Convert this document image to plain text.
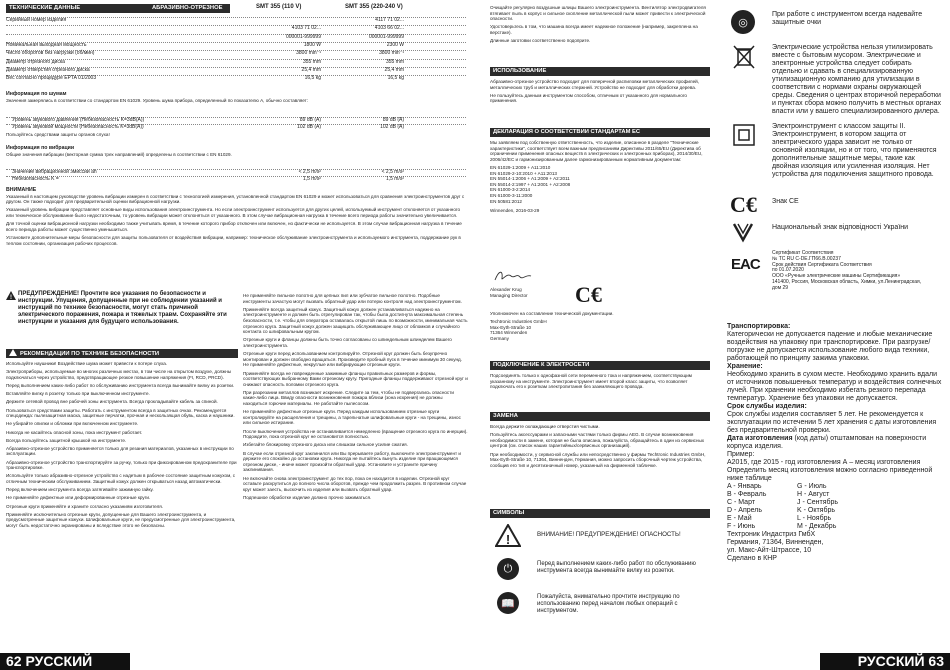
ТЕХНИЧЕСКИЕ ДАННЫЕ	АБРАЗИВНО-ОТРЕЗНОЕ	SMT 355 (110 V)	SMT 355 (220-240 V)
Серийный номер изделия	4117 71 02...
4103 71 02...	4103 66 02...
000001-999999	000001-999999
Номинальная выходная мощность	1800 W	2300 W
Число оборотов без нагрузки (об/мин)	3800 min⁻¹	3800 min⁻¹
Диаметр отрезного диска	355 mm	355 mm
Диаметр отверстия отрезного диска	25,4 mm	25,4 mm
Вес согласно процедуре EPTA 01/2003	16,5 kg	16,5 kg
Информация по шумам
Значения замерялись в соответствии со стандартом EN 61029. Уровень шума прибора, определенный по показателю A, обычно составляет:
Уровень звукового давления (Небезопасность K=3dB(A))	89 dB (A)	89 dB (A)
Уровень звуковой мощности (Небезопасность K=3dB(A))	102 dB (A)	102 dB (A)
Пользуйтесь средствами защиты органов слуха!
Информация по вибрации
Общие значения вибрации (векторная сумма трех направлений) определены в соответствии с EN 61029.
Значение вибрационной эмиссии ah	< 2,5 m/s²	< 2,5 m/s²
Небезопасность K =	1,5 m/s²	1,5 m/s²
ВНИМАНИЕ

Указанный в настоящем руководстве уровень вибрации измерен в соответствии с технологией измерения, установленной стандартом EN 61029 и может использоваться для сравнения электроинструментов друг с другом. Он также подходит для предварительной оценки вибрационной нагрузки.

Указанный уровень вибрации представляет основные виды использования электроинструмента. Но если электроинструмент используется для других целей, используемый инструмент отклоняется от указанного или техническое обслуживание было недостаточным, то уровень вибрации может отклоняться от указанного. В этом случае вибрационная нагрузка в течение всего периода работы значительно увеличивается.

Для точной оценки вибрационной нагрузки необходимо также учитывать время, в течение которого прибор отключен или включен, но фактически не используется. В этом случае вибрационная нагрузка в течение всего периода работы может существенно уменьшиться.

Установите дополнительные меры безопасности для защиты пользователя от воздействия вибрации, например: техническое обслуживание электроинструмента и используемого инструмента, поддержание рук в теплом состоянии, организация рабочих процессов.

!
ПРЕДУПРЕЖДЕНИЕ! Прочтите все указания по безопасности и инструкции. Упущения, допущенные при не соблюдении указаний и инструкций по технике безопасности, могут стать причиной электрического поражения, пожара и тяжелых травм. Сохраняйте эти инструкции и указания для будущего использования.
РЕКОМЕНДАЦИИ ПО ТЕХНИКЕ БЕЗОПАСНОСТИ

Используйте наушники! Воздействие шума может привести к потере слуха.

Электроприборы, используемые во многих различных местах, в том числе на открытом воздухе, должны подключаться через устройство, предотвращающее резкое повышение напряжения (FI, RCD, PRCD).

Перед выполнением каких-либо работ по обслуживанию инструмента всегда вынимайте вилку из розетки.

Вставляйте вилку в розетку только при выключенном инструменте.

Держите сетевой провод вне рабочей зоны инструмента. Всегда прокладывайте кабель за спиной.

Пользоваться средствами защиты. Работать с инструментом всегда в защитных очках. Рекомендуется спецодежда: пылезащитная маска, защитные перчатки, прочная и нескользящая обувь, каска и наушники.

Не убирайте опилки и обломки при включенном инструменте.

Никогда не касайтесь опасной зоны, пока инструмент работает.

Всегда пользуйтесь защитной крышкой на инструменте.

Абразивно-отрезное устройство применяется только для резания материалов, указанных в инструкции по эксплуатации.

Абразивно-отрезное устройство транспортируйте за ручку, только при фиксированном предохранителе при транспортировке.

Используйте только абразивно-отрезное устройство с надетым в рабочее состояние защитным кожухом, с отличным техническим обслуживанием. Защитный кожух должен открываться назад автоматически.

Перед включением инструмента всегда затягивайте зажимную гайку.

Не применяйте дефектные или деформированные отрезные круги.

Отрезные круги применяйте и храните согласно указаниям изготовителя.

Применяйте исключительно отрезные круги, допущенные для Вашего электроинструмента, и предусмотренные защитные кожухи. Шлифовальные круги, не предусмотренные для электроинструмента, могут быть недостаточно экранированы и вследствие этого не безопасны.

Не применяйте пильное полотно для цепных пил или зубчатое пильное полотно. Подобные инструменты зачастую могут вызвать обратный удар или потерю контроля над электроинструментом.

Применяйте всегда защитный кожух. Защитный кожух должен устанавливаться надежно на электроинструменте и должен быть отрегулирован так, чтобы была достигнута максимальная степень безопасности, т.е. чтобы для оператора оставалась открытой лишь по возможности, минимальная часть отрезного круга. Защитный кожух должен защищать обслуживающее лицо от обломков и случайного контакта со шлифовальным кругом.

Отрезные круги и фланцы должны быть точно согласованы со шпиндельным шпинделем Вашего электроинструмента.

Отрезные круги перед использованием контролируйте. Отрезной круг должен быть безупречно монтирован и должен свободно вращаться. Произведите пробный пуск в течение минимум 30 секунд. Не применяйте дефектные, некруглые или вибрирующие отрезные круги.

Применяйте всегда не поврежденные зажимные фланцы правильных размеров и формы, соответствующих выбранному Вами отрезному кругу. Пригодные фланцы поддерживают отрезной круг и снижают опасность поломки отрезного круга.

При разрезании металлов возникает искрение. Следите за тем, чтобы не подвергались опасности какие-либо лица. Ввиду опасности возникновения пожара вблизи (зона искрения) не должны находиться горючие материалы. Не работайте пылесосом.

Не применяйте дефектные отрезные круги. Перед каждым использованием отрезные круги контролируйте на расщепления и трещины, а тарельчатые шлифовальные круги - на трещины, износ или сильное истирание.

После выключения устройства не останавливается немедленно (вращение отрезного круга по инерции). Подождите, пока отрезной круг не остановится полностью.

Избегайте блокировку отрезного диска или слишком сильное усилие сжатия.

В случае если отрезной круг заклинился или Вы прерываете работу, выключите электроинструмент и держите его спокойно до остановки круга. Никогда не пытайтесь вынуть изделие при вращающемся отрезном диске, - иначе может произойти обратный удар. Установите и устраните причину заклинивания.

Не включайте снова электроинструмент до тех пор, пока он находится в изделии. Отрезной круг оставьте раскрутиться до полного числа оборотов, прежде чем продолжить разрез. В противном случае круг может заесть, выскочить из изделия или вызвать обратный удар.

Подпешиое обработке изделие должно прочно зажиматься.

62 РУССКИЙ

Очищайте регулярно воздушные шлицы Вашего электроинструмента. Вентилятор электродвигателя втягивает пыль в корпус и сильное скопление металлической пыли может привести к электрической опасности.

Удостоверьтесь в том, что машина всегда имеет надежное положение (например, закреплена на верстаке).

Длинные заготовки соответственно подоприте.

ИСПОЛЬЗОВАНИЕ

Абразивно-отрезное устройство подходит для поперечной распиловки металлических профилей, металлических труб и металлических стержней. Устройство не подходит для обработки дерева.

Не пользуйтесь данным инструментом способом, отличным от указанного для нормального применения.

ДЕКЛАРАЦИЯ О СООТВЕТСТВИИ СТАНДАРТАМ ЕС

Мы заявляем под собственную ответственность, что изделие, описанное в разделе "Технические характеристики", соответствует всем важным предписаниям Директивы 2011/65/EU (Директива об ограничении применения опасных веществ в электрических и электронных приборах), 2014/30/EU, 2006/42/EC и гармонизированным далее гармонизированным нормативным документам:

EN 61029-1:2009 + A11:2010
EN 61029-2-10:2010 + A11:2013
EN 55014-1:2006 + A1:2009 + A2:2011
EN 55014-2:1997 + A1:2001 + A2:2008
EN 61000-3-2:2014
EN 61000-3-11:2000
EN 50581:2012

Winnenden, 2016-03-29

Alexander Krug
Managing Director	C€

Уполномочен на составление технической документации.

Techtronic Industries GmbH
Max-Eyth-Straße 10
71364 Winnenden
Germany
ПОДКЛЮЧЕНИЕ К ЭЛЕКТРОСЕТИ
Подсоединять только к однофазной сети переменного тока и напряжением, соответствующим указанному на инструменте. Электроинструмент имеет второй класс защиты, что позволяет подключать его к розеткам электропитания без заземляющего провода.
ЗАМЕНА

Всегда держите охлаждающие отверстия чистыми.

Пользуйтесь аксессуарами и запасными частями только фирмы AEG. В случае возникновения необходимости в замене, которая не была описана, пожалуйста, обращайтесь в один из сервисных центров (см. список наших гарантийных/сервисных организаций).

При необходимости, у сервисной службы или непосредственно у фирмы Techtronic Industries GmbH, Max-Eyth-Straße 10, 71364, Винненден, Германия, можно запросить сборочный чертеж устройства, сообщив его тип и десятизначный номер, указанный на фирменной табличке.

СИМВОЛЫ
!	ВНИМАНИЕ! ПРЕДУПРЕЖДЕНИЕ! ОПАСНОСТЬ!
⏻	Перед выполнением каких-либо работ по обслуживанию инструмента всегда вынимайте вилку из розетки.
📖
Пожалуйста, внимательно прочтите инструкцию по использованию перед началом любых операций с инструментом.
◎
При работе с инструментом всегда надевайте защитные очки
Электрические устройства нельзя утилизировать вместе с бытовым мусором. Электрические и электронные устройства следует собирать отдельно и сдавать в специализированную утилизационную компанию для утилизации в соответствии с нормами охраны окружающей среды. Сведения о центрах вторичной переработки и пунктах сбора можно получить в местных органах власти или у вашего специализированного дилера.
Электроинструмент с классом защиты II. Электроинструмент, в котором защита от электрического удара зависит не только от основной изоляции, но и от того, что применяются дополнительные защитные меры, такие как двойная изоляция или усиленная изоляция. Нет устройства для подключения защитного провода.
C€ Знак CE
Национальный знак відповідності України
EAC
Сертификат Соответствия
№ ТС RU С-DE.ГП66.В.00237
Срок действия Сертификата Соответствия
по 01.07.2020
ООО «Ручные электрические машины Сертификация»
141400, Россия, Московская область, Химки, ул.Ленинградская,
дом 29
Транспортировка:
Категорически не допускается падение и любые механические воздействия на упаковку при транспортировке. При разгрузке/погрузке не допускается использование любого вида техники, работающей по принципу зажима упаковки.
Хранение:
Необходимо хранить в сухом месте. Необходимо хранить вдали от источников повышенных температур и воздействия солнечных лучей. При хранении необходимо избегать резкого перепада температур. Хранение без упаковки не допускается.
Срок службы изделия:
Срок службы изделия составляет 5 лет. Не рекомендуется к эксплуатации по истечении 5 лет хранения с даты изготовления без предварительной проверки.
Дата изготовления (код даты) отштампован на поверхности корпуса изделия.
Пример:
А2015, где 2015 - год изготовления А – месяц изготовления Определить месяц изготовления можно согласно приведенной ниже таблице
A - Январь	G - Июль
B - Февраль	H - Август
C - Март	J - Сентябрь
D - Апрель	K - Октябрь
E - Май	L - Ноябрь
F - Июнь	M - Декабрь
Техтроник Индастриз ГмбХ
Германия, 71364, Винненден,
ул. Макс-Айт-Штрассе, 10
Сделано в КНР
РУССКИЙ 63
